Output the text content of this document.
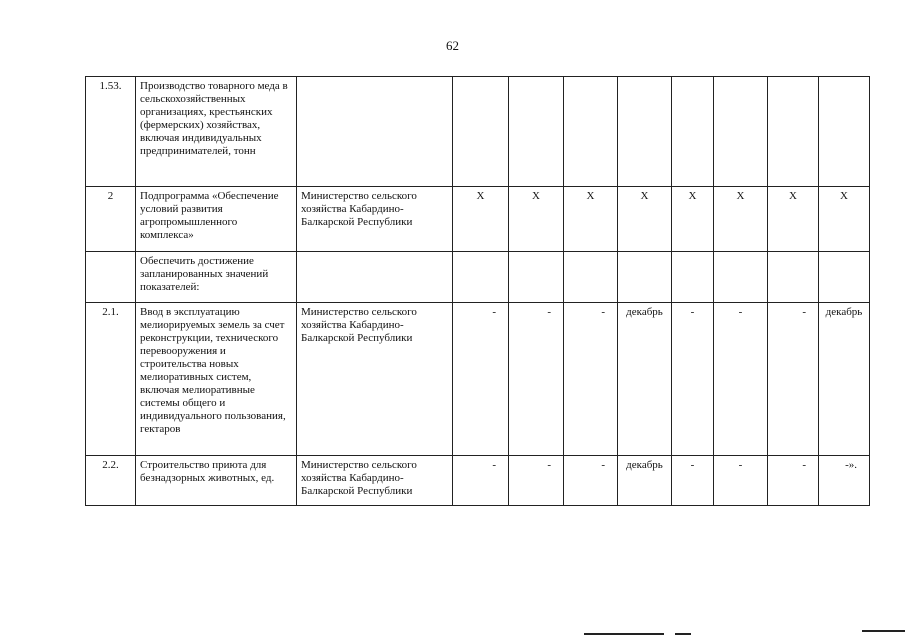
62
1.53.	Производство товарного меда в сельскохозяйственных организациях, крестьянских (фермерских) хозяйствах, включая индивидуальных предпринимателей, тонн									
2	Подпрограмма «Обеспечение условий развития агропромышленного комплекса»	Министерство сельского хозяйства Кабардино-Балкарской Республики	X	X	X	X	X	X	X	X
	Обеспечить достижение запланированных значений показателей:									
2.1.	Ввод в эксплуатацию мелиорируемых земель за счет реконструкции, технического перевооружения и строительства новых мелиоративных систем, включая мелиоративные системы общего и индивидуального пользования, гектаров	Министерство сельского хозяйства Кабардино-Балкарской Республики	-	-	-	декабрь	-	-	-	декабрь
2.2.	Строительство приюта для безнадзорных животных, ед.	Министерство сельского хозяйства Кабардино-Балкарской Республики	-	-	-	декабрь	-	-	-	-».
